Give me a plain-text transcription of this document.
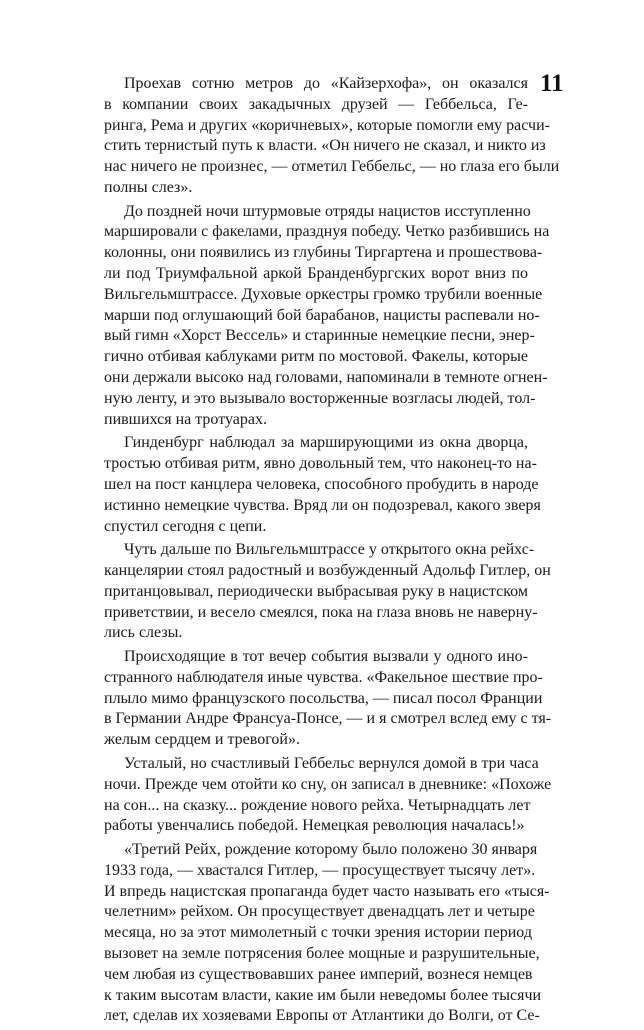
11
Проехав сотню метров до «Кайзерхофа», он оказался
в компании своих закадычных друзей — Геббельса, Ге-
ринга, Рема и других «коричневых», которые помогли ему расчи-
стить тернистый путь к власти. «Он ничего не сказал, и никто из
нас ничего не произнес, — отметил Геббельс, — но глаза его были
полны слез».
До поздней ночи штурмовые отряды нацистов исступленно
маршировали с факелами, празднуя победу. Четко разбившись на
колонны, они появились из глубины Тиргартена и прошествова-
ли под Триумфальной аркой Бранденбургских ворот вниз по
Вильгельмштрассе. Духовые оркестры громко трубили военные
марши под оглушающий бой барабанов, нацисты распевали но-
вый гимн «Хорст Вессель» и старинные немецкие песни, энер-
гично отбивая каблуками ритм по мостовой. Факелы, которые
они держали высоко над головами, напоминали в темноте огнен-
ную ленту, и это вызывало восторженные возгласы людей, тол-
пившихся на тротуарах.
Гинденбург наблюдал за марширующими из окна дворца,
тростью отбивая ритм, явно довольный тем, что наконец-то на-
шел на пост канцлера человека, способного пробудить в народе
истинно немецкие чувства. Вряд ли он подозревал, какого зверя
спустил сегодня с цепи.
Чуть дальше по Вильгельмштрассе у открытого окна рейхс-
канцелярии стоял радостный и возбужденный Адольф Гитлер, он
пританцовывал, периодически выбрасывая руку в нацистском
приветствии, и весело смеялся, пока на глаза вновь не наверну-
лись слезы.
Происходящие в тот вечер события вызвали у одного ино-
странного наблюдателя иные чувства. «Факельное шествие про-
плыло мимо французского посольства, — писал посол Франции
в Германии Андре Франсуа-Понсе, — и я смотрел вслед ему с тя-
желым сердцем и тревогой».
Усталый, но счастливый Геббельс вернулся домой в три часа
ночи. Прежде чем отойти ко сну, он записал в дневнике: «Похоже
на сон... на сказку... рождение нового рейха. Четырнадцать лет
работы увенчались победой. Немецкая революция началась!»
«Третий Рейх, рождение которому было положено 30 января
1933 года, — хвастался Гитлер, — просуществует тысячу лет».
И впредь нацистская пропаганда будет часто называть его «тыся-
челетним» рейхом. Он просуществует двенадцать лет и четыре
месяца, но за этот мимолетный с точки зрения истории период
вызовет на земле потрясения более мощные и разрушительные,
чем любая из существовавших ранее империй, вознеся немцев
к таким высотам власти, какие им были неведомы более тысячи
лет, сделав их хозяевами Европы от Атлантики до Волги, от Се-
